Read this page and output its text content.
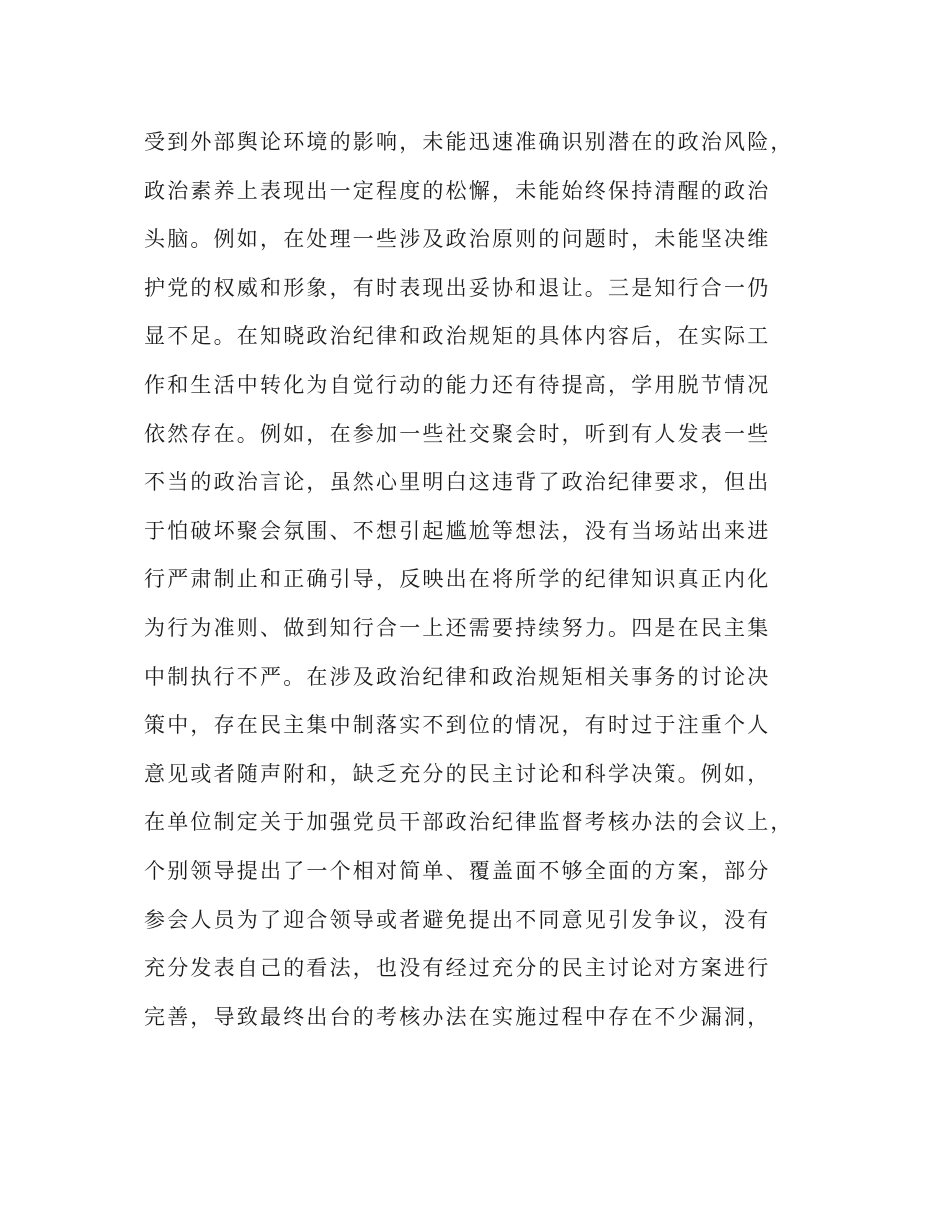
受到外部舆论环境的影响，未能迅速准确识别潜在的政治风险，
政治素养上表现出一定程度的松懈，未能始终保持清醒的政治
头脑。例如，在处理一些涉及政治原则的问题时，未能坚决维
护党的权威和形象，有时表现出妥协和退让。三是知行合一仍
显不足。在知晓政治纪律和政治规矩的具体内容后，在实际工
作和生活中转化为自觉行动的能力还有待提高，学用脱节情况
依然存在。例如，在参加一些社交聚会时，听到有人发表一些
不当的政治言论，虽然心里明白这违背了政治纪律要求，但出
于怕破坏聚会氛围、不想引起尴尬等想法，没有当场站出来进
行严肃制止和正确引导，反映出在将所学的纪律知识真正内化
为行为准则、做到知行合一上还需要持续努力。四是在民主集
中制执行不严。在涉及政治纪律和政治规矩相关事务的讨论决
策中，存在民主集中制落实不到位的情况，有时过于注重个人
意见或者随声附和，缺乏充分的民主讨论和科学决策。例如，
在单位制定关于加强党员干部政治纪律监督考核办法的会议上，
个别领导提出了一个相对简单、覆盖面不够全面的方案，部分
参会人员为了迎合领导或者避免提出不同意见引发争议，没有
充分发表自己的看法，也没有经过充分的民主讨论对方案进行
完善，导致最终出台的考核办法在实施过程中存在不少漏洞，
